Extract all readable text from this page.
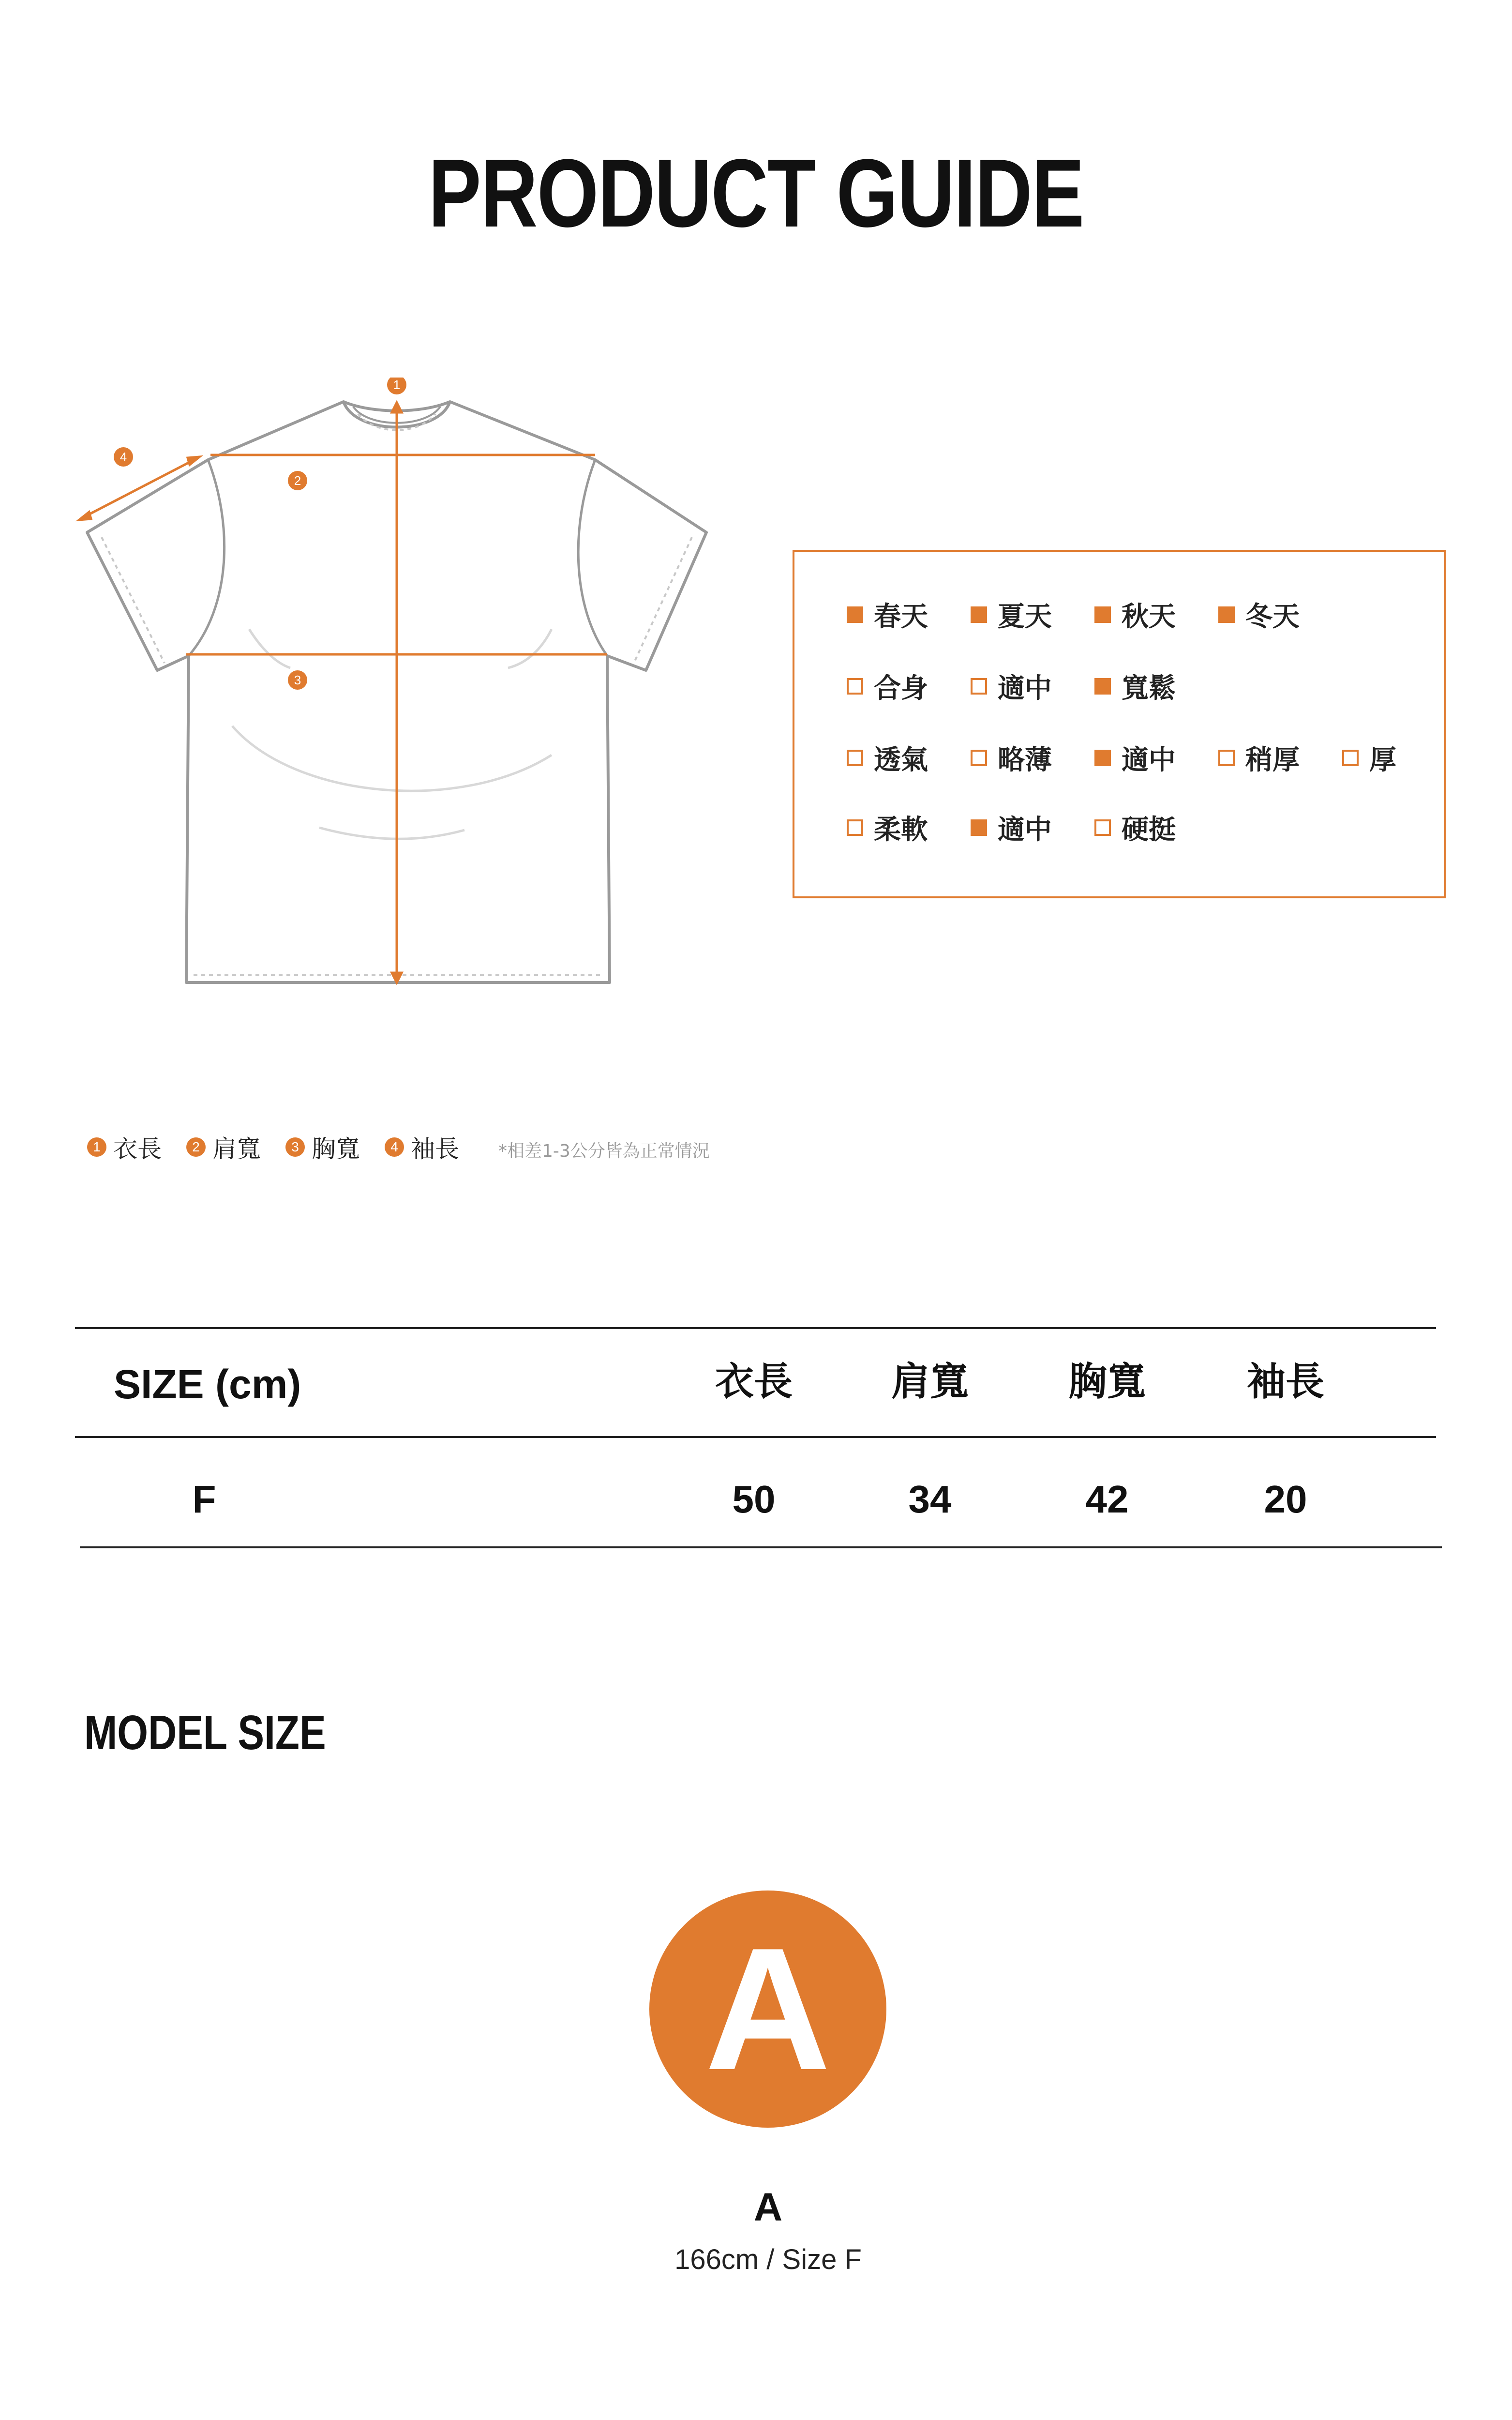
PRODUCT GUIDE
1
2
3
4
春天	夏天	秋天	冬天
合身	適中	寬鬆
透氣	略薄	適中	稍厚	厚
柔軟	適中	硬挺
1 衣長	2 肩寬	3 胸寬	4 袖長 *相差1-3公分皆為正常情況
SIZE (cm)	衣長	肩寬	胸寬	袖長
F	50	34	42	20
MODEL SIZE
A
A
166cm / Size F
